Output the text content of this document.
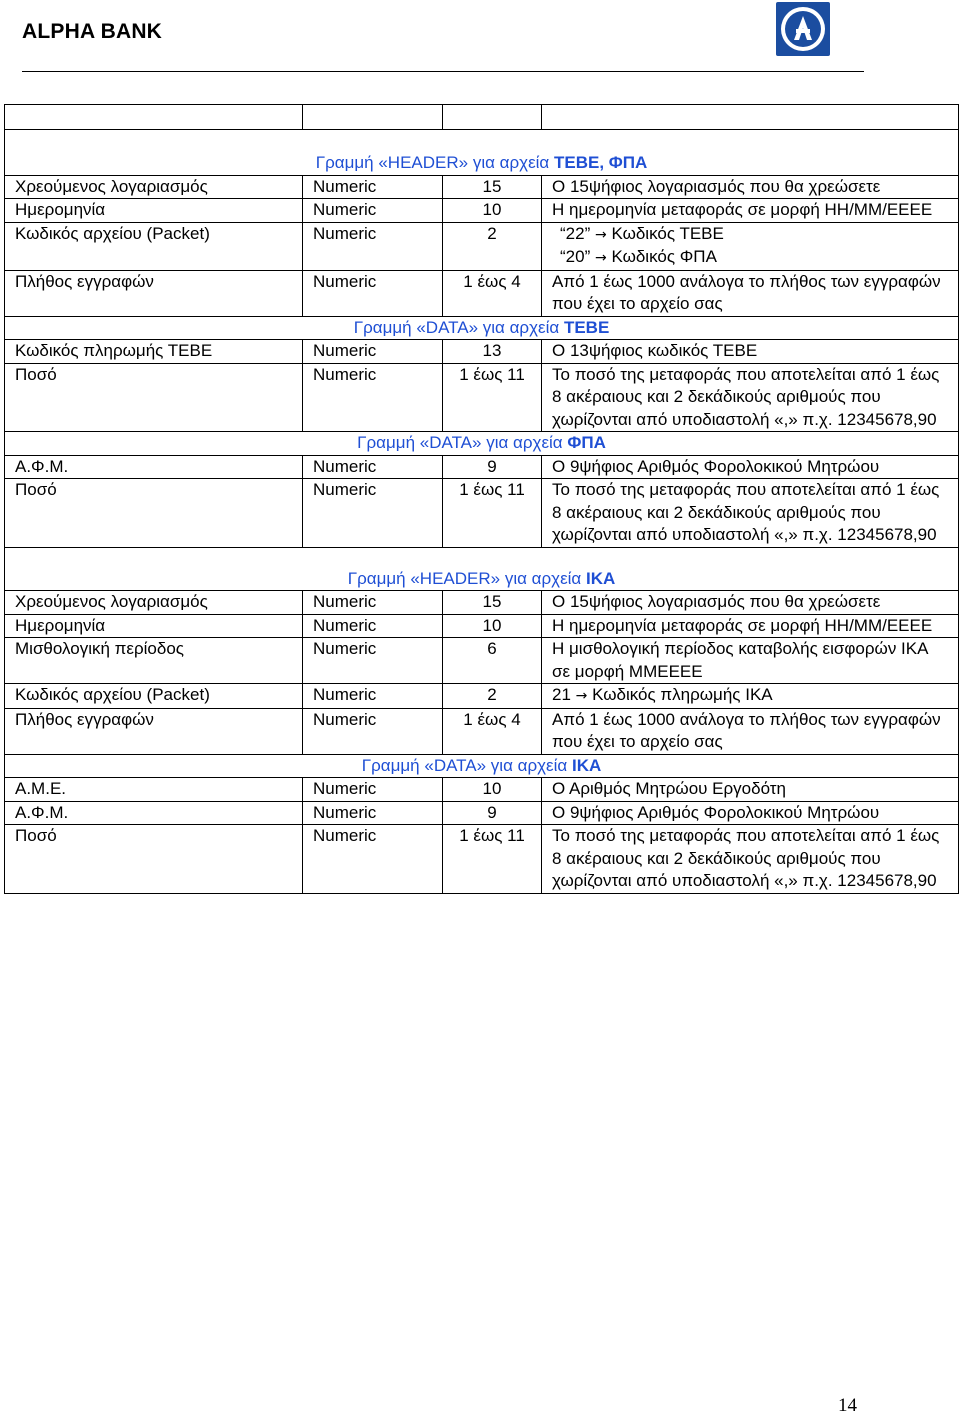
ALPHA BANK

Γραμμή «HEADER» για αρχεία ΤΕΒΕ, ΦΠΑ			
Χρεούμενος λογαριασμός	Numeric	15	Ο 15ψήφιος λογαριασμός που θα χρεώσετε
Ημερομηνία	Numeric	10	Η ημερομηνία μεταφοράς σε μορφή ΗΗ/ΜΜ/ΕΕΕΕ
Κωδικός αρχείου (Packet)	Numeric	2	“22” → Κωδικός ΤΕΒΕ
“20” → Κωδικός ΦΠΑ

Πλήθος εγγραφών	Numeric	1 έως 4	Από 1 έως 1000 ανάλογα το πλήθος των εγγραφών που έχει το αρχείο σας
Γραμμή «DATA» για αρχεία ΤΕΒΕ			
Κωδικός πληρωμής ΤΕΒΕ	Numeric	13	Ο 13ψήφιος κωδικός ΤΕΒΕ
Ποσό	Numeric	1 έως 11	Το ποσό της μεταφοράς που αποτελείται από 1 έως 8 ακέραιους και 2 δεκάδικούς αριθμούς που χωρίζονται από υποδιαστολή «,» π.χ. 12345678,90
Γραμμή «DATA» για αρχεία ΦΠΑ			
Α.Φ.Μ.	Numeric	9	Ο 9ψήφιος Αριθμός Φορολοκικού Μητρώου
Ποσό	Numeric	1 έως 11	Το ποσό της μεταφοράς που αποτελείται από 1 έως 8 ακέραιους και 2 δεκάδικούς αριθμούς που χωρίζονται από υποδιαστολή «,» π.χ. 12345678,90
Γραμμή «HEADER» για αρχεία ΙΚΑ			
Χρεούμενος λογαριασμός	Numeric	15	Ο 15ψήφιος λογαριασμός που θα χρεώσετε
Ημερομηνία	Numeric	10	Η ημερομηνία μεταφοράς σε μορφή ΗΗ/ΜΜ/ΕΕΕΕ
Μισθολογική περίοδος	Numeric	6	Η μισθολογική περίοδος καταβολής εισφορών ΙΚΑ σε μορφή ΜΜΕΕΕΕ
Κωδικός αρχείου (Packet)	Numeric	2	21 → Κωδικός πληρωμής ΙΚΑ
Πλήθος εγγραφών	Numeric	1 έως 4	Από 1 έως 1000 ανάλογα το πλήθος των εγγραφών που έχει το αρχείο σας
Γραμμή «DATA» για αρχεία ΙΚΑ			
Α.Μ.Ε.	Numeric	10	Ο Αριθμός Μητρώου Εργοδότη
Α.Φ.Μ.	Numeric	9	Ο 9ψήφιος Αριθμός Φορολοκικού Μητρώου
Ποσό	Numeric	1 έως 11	Το ποσό της μεταφοράς που αποτελείται από 1 έως 8 ακέραιους και 2 δεκάδικούς αριθμούς που χωρίζονται από υποδιαστολή «,» π.χ. 12345678,90
14
